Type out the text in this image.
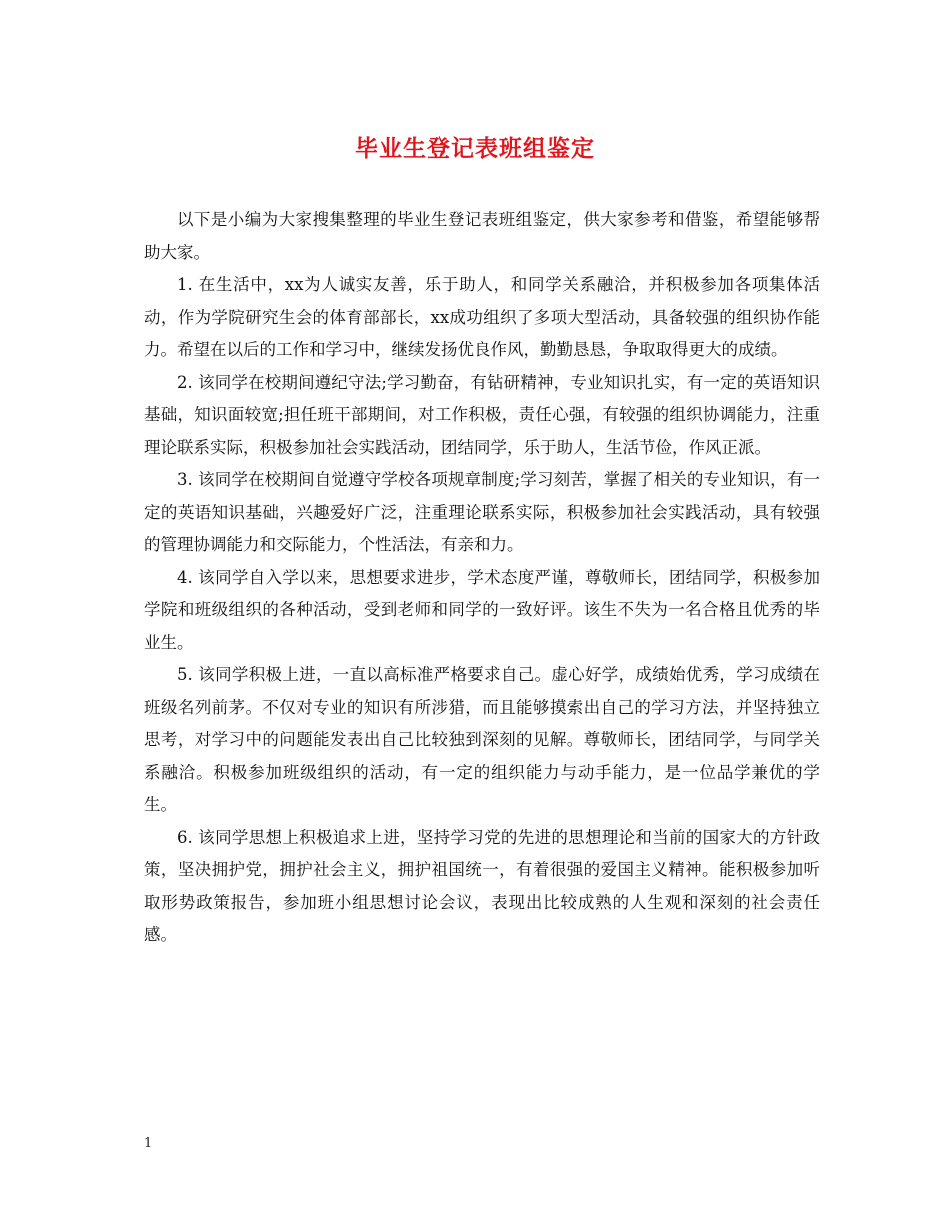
毕业生登记表班组鉴定

以下是小编为大家搜集整理的毕业生登记表班组鉴定，供大家参考和借鉴，希望能够帮助大家。

1. 在生活中，xx为人诚实友善，乐于助人，和同学关系融洽，并积极参加各项集体活动，作为学院研究生会的体育部部长，xx成功组织了多项大型活动，具备较强的组织协作能力。希望在以后的工作和学习中，继续发扬优良作风，勤勤恳恳，争取取得更大的成绩。

2. 该同学在校期间遵纪守法;学习勤奋，有钻研精神，专业知识扎实，有一定的英语知识基础，知识面较宽;担任班干部期间，对工作积极，责任心强，有较强的组织协调能力，注重理论联系实际，积极参加社会实践活动，团结同学，乐于助人，生活节俭，作风正派。

3. 该同学在校期间自觉遵守学校各项规章制度;学习刻苦，掌握了相关的专业知识，有一定的英语知识基础，兴趣爱好广泛，注重理论联系实际，积极参加社会实践活动，具有较强的管理协调能力和交际能力，个性活法，有亲和力。

4. 该同学自入学以来，思想要求进步，学术态度严谨，尊敬师长，团结同学，积极参加学院和班级组织的各种活动，受到老师和同学的一致好评。该生不失为一名合格且优秀的毕业生。

5. 该同学积极上进，一直以高标准严格要求自己。虚心好学，成绩始优秀，学习成绩在班级名列前茅。不仅对专业的知识有所涉猎，而且能够摸索出自己的学习方法，并坚持独立思考，对学习中的问题能发表出自己比较独到深刻的见解。尊敬师长，团结同学，与同学关系融洽。积极参加班级组织的活动，有一定的组织能力与动手能力，是一位品学兼优的学生。

6. 该同学思想上积极追求上进，坚持学习党的先进的思想理论和当前的国家大的方针政策，坚决拥护党，拥护社会主义，拥护祖国统一，有着很强的爱国主义精神。能积极参加听取形势政策报告，参加班小组思想讨论会议，表现出比较成熟的人生观和深刻的社会责任感。

1
